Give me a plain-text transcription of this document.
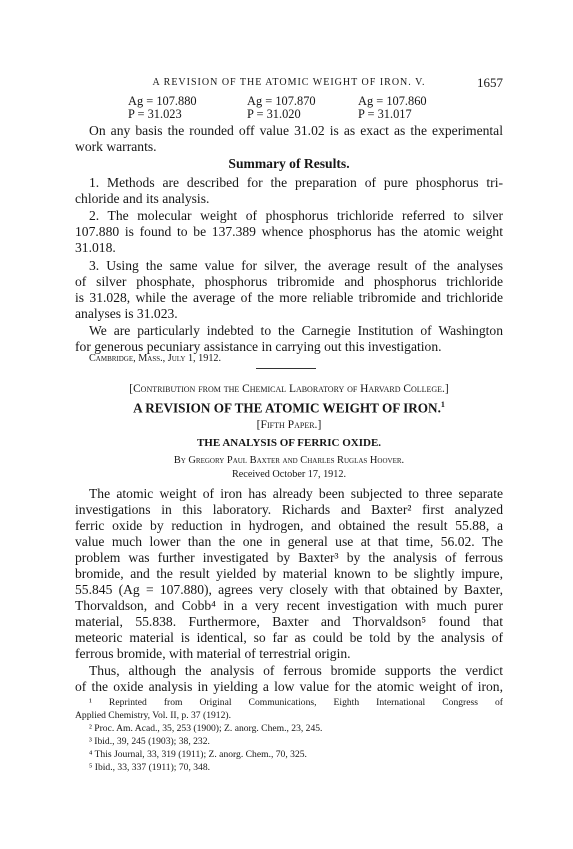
A REVISION OF THE ATOMIC WEIGHT OF IRON. V.	1657
Ag = 107.880
P = 31.023
Ag = 107.870
P = 31.020
Ag = 107.860
P = 31.017

On any basis the rounded off value 31.02 is as exact as the experimental

work warrants.

Summary of Results.

1. Methods are described for the preparation of pure phosphorus tri-

chloride and its analysis.

2. The molecular weight of phosphorus trichloride referred to silver

107.880 is found to be 137.389 whence phosphorus has the atomic weight

31.018.

3. Using the same value for silver, the average result of the analyses

of silver phosphate, phosphorus tribromide and phosphorus trichloride

is 31.028, while the average of the more reliable tribromide and trichloride

analyses is 31.023.

We are particularly indebted to the Carnegie Institution of Washington

for generous pecuniary assistance in carrying out this investigation.

Cambridge, Mass., July 1, 1912.

[Contribution from the Chemical Laboratory of Harvard College.]

A REVISION OF THE ATOMIC WEIGHT OF IRON.$^1$

[Fifth Paper.]

THE ANALYSIS OF FERRIC OXIDE.

By Gregory Paul Baxter and Charles Ruglas Hoover.

Received October 17, 1912.

The atomic weight of iron has already been subjected to three separate

investigations in this laboratory. Richards and Baxter² first analyzed

ferric oxide by reduction in hydrogen, and obtained the result 55.88, a

value much lower than the one in general use at that time, 56.02. The

problem was further investigated by Baxter³ by the analysis of ferrous

bromide, and the result yielded by material known to be slightly impure,

55.845 (Ag = 107.880), agrees very closely with that obtained by Baxter,

Thorvaldson, and Cobb⁴ in a very recent investigation with much purer

material, 55.838. Furthermore, Baxter and Thorvaldson⁵ found that

meteoric material is identical, so far as could be told by the analysis of

ferrous bromide, with material of terrestrial origin.

Thus, although the analysis of ferrous bromide supports the verdict

of the oxide analysis in yielding a low value for the atomic weight of iron,

¹ Reprinted from Original Communications, Eighth International Congress of

Applied Chemistry, Vol. II, p. 37 (1912).

² Proc. Am. Acad., 35, 253 (1900); Z. anorg. Chem., 23, 245.

³ Ibid., 39, 245 (1903); 38, 232.

⁴ This Journal, 33, 319 (1911); Z. anorg. Chem., 70, 325.

⁵ Ibid., 33, 337 (1911); 70, 348.
